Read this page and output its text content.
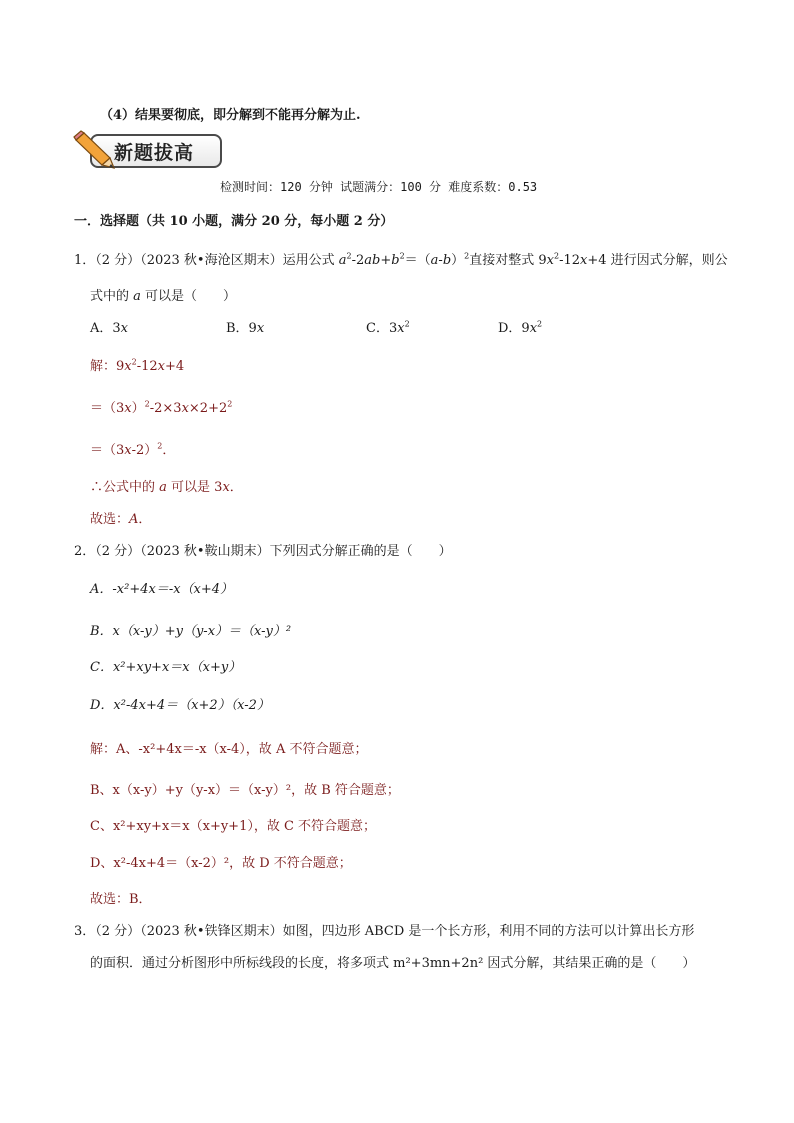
（4）结果要彻底，即分解到不能再分解为止.
新题拔高
检测时间：120 分钟 试题满分：100 分 难度系数：0.53
一．选择题（共 10 小题，满分 20 分，每小题 2 分）
1．（2 分）（2023 秋•海沧区期末）运用公式 $a^2-2ab+b^2=(a-b)^2$直接对整式 $9x^2-12x+4$ 进行因式分解，则公
式中的 a 可以是（　　）
A．3x	B．9x	C．$3x^2$	D．$9x^2$
解：$9x^2-12x+4$
$=(3x)^2-2\times 3x\times 2+2^2$
$=(3x-2)^2$．
∴公式中的 a 可以是 3x．
故选：A．
2．（2 分）（2023 秋•鞍山期末）下列因式分解正确的是（　　）
A．-x²+4x＝-x（x+4）
B．x（x-y）+y（y-x）＝（x-y）²
C．x²+xy+x＝x（x+y）
D．x²-4x+4＝（x+2）（x-2）
解：A、-x²+4x＝-x（x-4），故 A 不符合题意；
B、x（x-y）+y（y-x）＝（x-y）²，故 B 符合题意；
C、x²+xy+x＝x（x+y+1），故 C 不符合题意；
D、x²-4x+4＝（x-2）²，故 D 不符合题意；
故选：B．
3．（2 分）（2023 秋•铁锋区期末）如图，四边形 ABCD 是一个长方形，利用不同的方法可以计算出长方形
的面积．通过分析图形中所标线段的长度，将多项式 m²+3mn+2n² 因式分解，其结果正确的是（　　）
